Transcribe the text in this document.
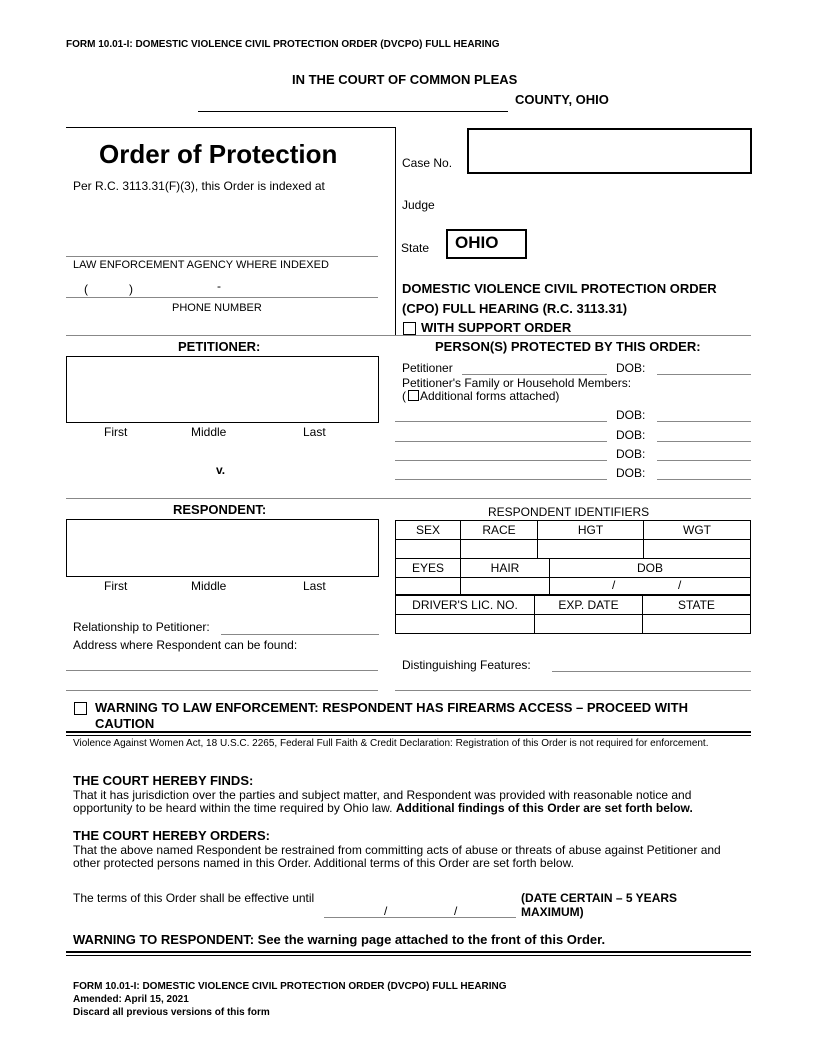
FORM 10.01-I: DOMESTIC VIOLENCE CIVIL PROTECTION ORDER (DVCPO) FULL HEARING
IN THE COURT OF COMMON PLEAS
COUNTY, OHIO
Order of Protection
Per R.C. 3113.31(F)(3), this Order is indexed at
LAW ENFORCEMENT AGENCY WHERE INDEXED
(	)	-
PHONE NUMBER
Case No.
Judge
State OHIO
DOMESTIC VIOLENCE CIVIL PROTECTION ORDER
(CPO) FULL HEARING (R.C. 3113.31)
WITH SUPPORT ORDER
PETITIONER:
First	Middle	Last
v.
PERSON(S) PROTECTED BY THIS ORDER:
Petitioner	DOB:
Petitioner's Family or Household Members:
( Additional forms attached)
DOB:
DOB:
DOB:
DOB:
RESPONDENT:
First	Middle	Last
Relationship to Petitioner:
Address where Respondent can be found:
RESPONDENT IDENTIFIERS
SEX	RACE	HGT	WGT

EYES	HAIR	DOB

		/ /
DRIVER'S LIC. NO.	EXP. DATE	STATE

Distinguishing Features:
WARNING TO LAW ENFORCEMENT: RESPONDENT HAS FIREARMS ACCESS – PROCEED WITH
CAUTION
Violence Against Women Act, 18 U.S.C. 2265, Federal Full Faith & Credit Declaration: Registration of this Order is not required for enforcement.
THE COURT HEREBY FINDS:
That it has jurisdiction over the parties and subject matter, and Respondent was provided with reasonable notice and opportunity to be heard within the time required by Ohio law. Additional findings of this Order are set forth below.
THE COURT HEREBY ORDERS:
That the above named Respondent be restrained from committing acts of abuse or threats of abuse against Petitioner and other protected persons named in this Order. Additional terms of this Order are set forth below.
The terms of this Order shall be effective until
/	/
(DATE CERTAIN – 5 YEARS
MAXIMUM)
WARNING TO RESPONDENT: See the warning page attached to the front of this Order.
FORM 10.01-I: DOMESTIC VIOLENCE CIVIL PROTECTION ORDER (DVCPO) FULL HEARING
Amended: April 15, 2021
Discard all previous versions of this form
